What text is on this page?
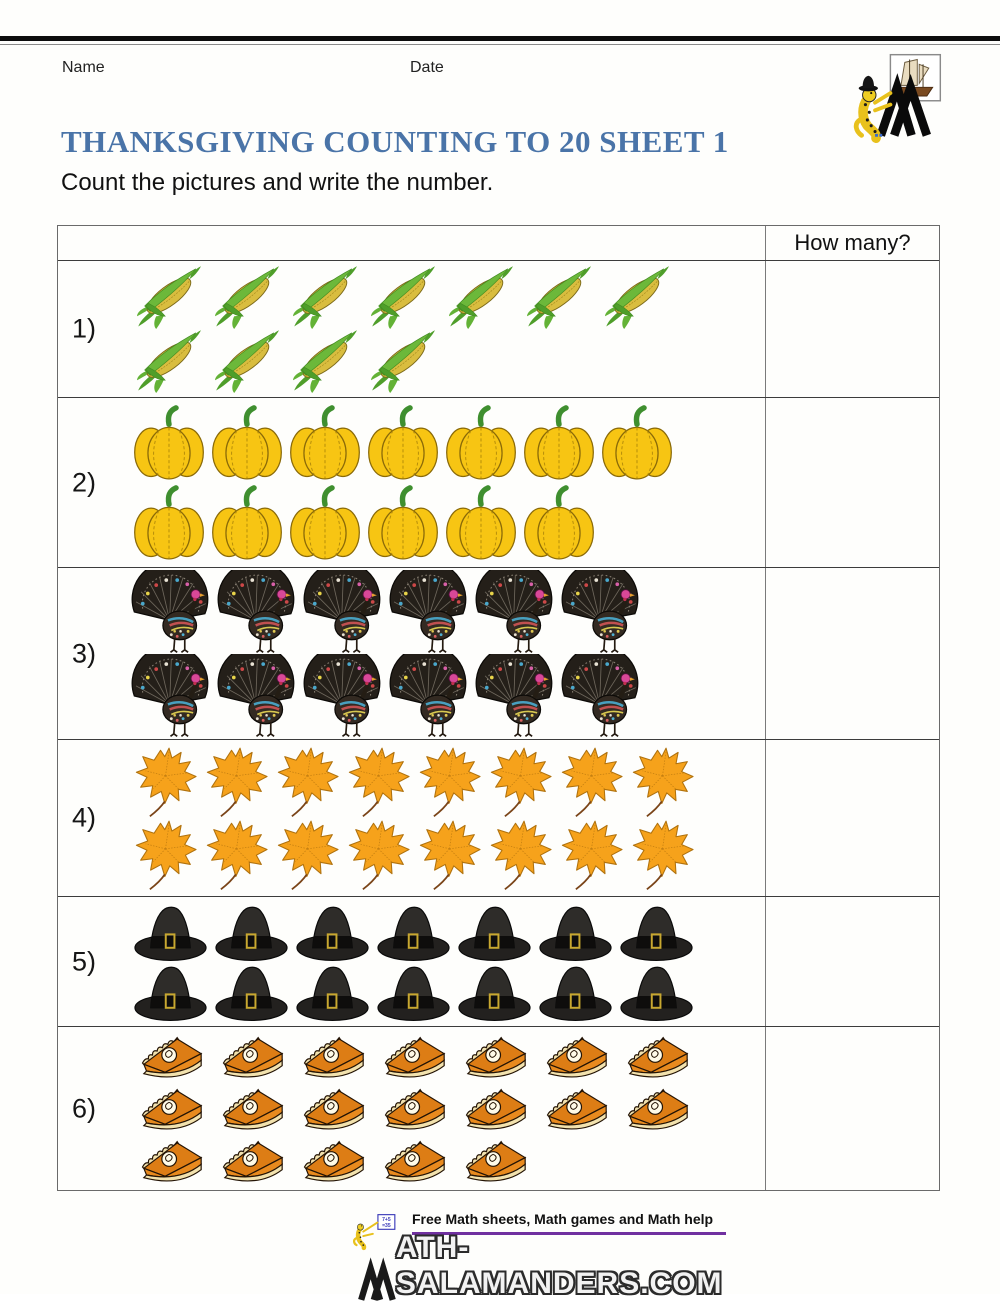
Name	Date
THANKSGIVING COUNTING TO 20 SHEET 1
Count the pictures and write the number.
How many?
1)
2)
3)
4)
5)
6)
7+5
=35 Free Math sheets, Math games and Math help
ATH-SALAMANDERS.COM
